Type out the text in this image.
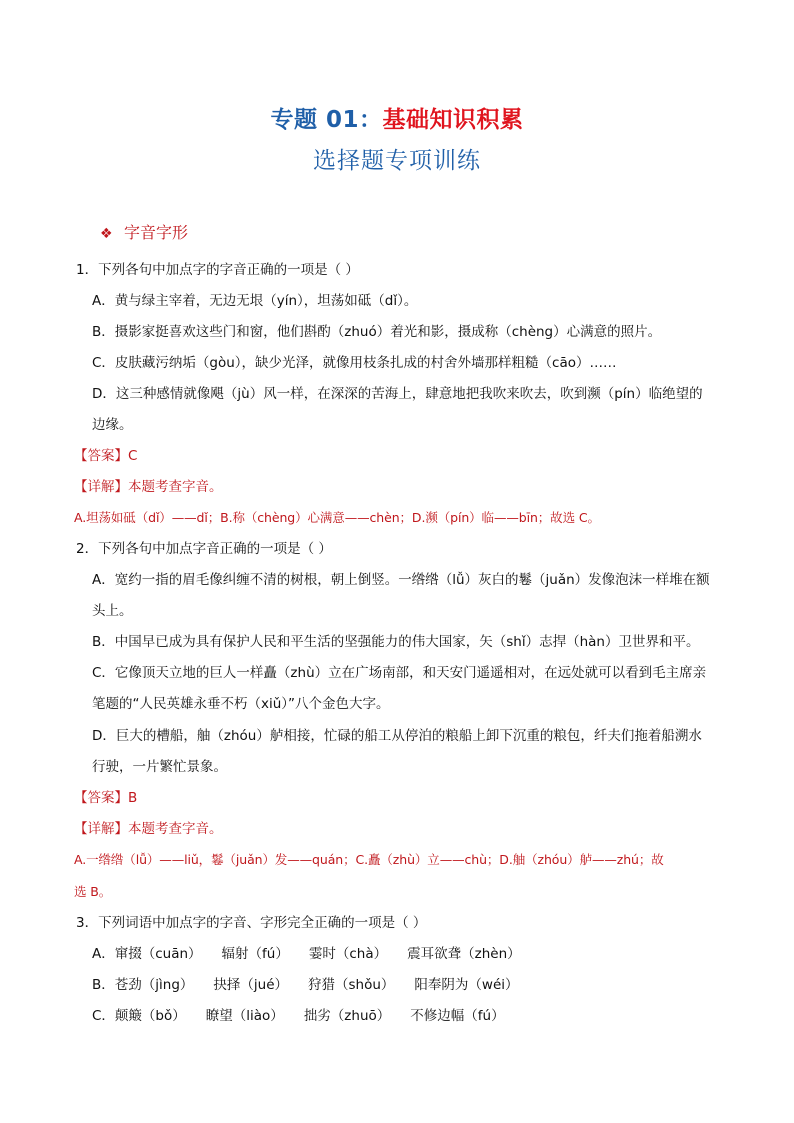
专题 01：基础知识积累
选择题专项训练
❖ 字音字形
1．下列各句中加点字的字音正确的一项是（ ）
A．黄与绿主宰着，无边无垠（yín），坦荡如砥（dǐ）。
B．摄影家挺喜欢这些门和窗，他们斟酌（zhuó）着光和影，摄成称（chèng）心满意的照片。
C．皮肤藏污纳垢（gòu），缺少光泽，就像用枝条扎成的村舍外墙那样粗糙（cāo）……
D．这三种感情就像飓（jù）风一样，在深深的苦海上，肆意地把我吹来吹去，吹到濒（pín）临绝望的
边缘。
【答案】C
【详解】本题考查字音。
A.坦荡如砥（dǐ）——dǐ；B.称（chèng）心满意——chèn；D.濒（pín）临——bīn；故选 C。
2．下列各句中加点字音正确的一项是（ ）
A．宽约一指的眉毛像纠缠不清的树根，朝上倒竖。一绺绺（lǚ）灰白的鬈（juǎn）发像泡沫一样堆在额
头上。
B．中国早已成为具有保护人民和平生活的坚强能力的伟大国家，矢（shǐ）志捍（hàn）卫世界和平。
C．它像顶天立地的巨人一样矗（zhù）立在广场南部，和天安门遥遥相对，在远处就可以看到毛主席亲
笔题的“人民英雄永垂不朽（xiǔ）”八个金色大字。
D．巨大的槽船，舳（zhóu）舻相接，忙碌的船工从停泊的粮船上卸下沉重的粮包，纤夫们拖着船溯水
行驶，一片繁忙景象。
【答案】B
【详解】本题考查字音。
A.一绺绺（lǚ）——liǔ，鬈（juǎn）发——quán；C.矗（zhù）立——chù；D.舳（zhóu）舻——zhú；故
选 B。
3．下列词语中加点字的字音、字形完全正确的一项是（ ）
A．窜掇（cuān） 辐射（fú） 霎时（chà） 震耳欲聋（zhèn）
B．苍劲（jìng） 抉择（jué） 狩猎（shǒu） 阳奉阴为（wéi）
C．颠簸（bǒ） 瞭望（liào） 拙劣（zhuō） 不修边幅（fú）
